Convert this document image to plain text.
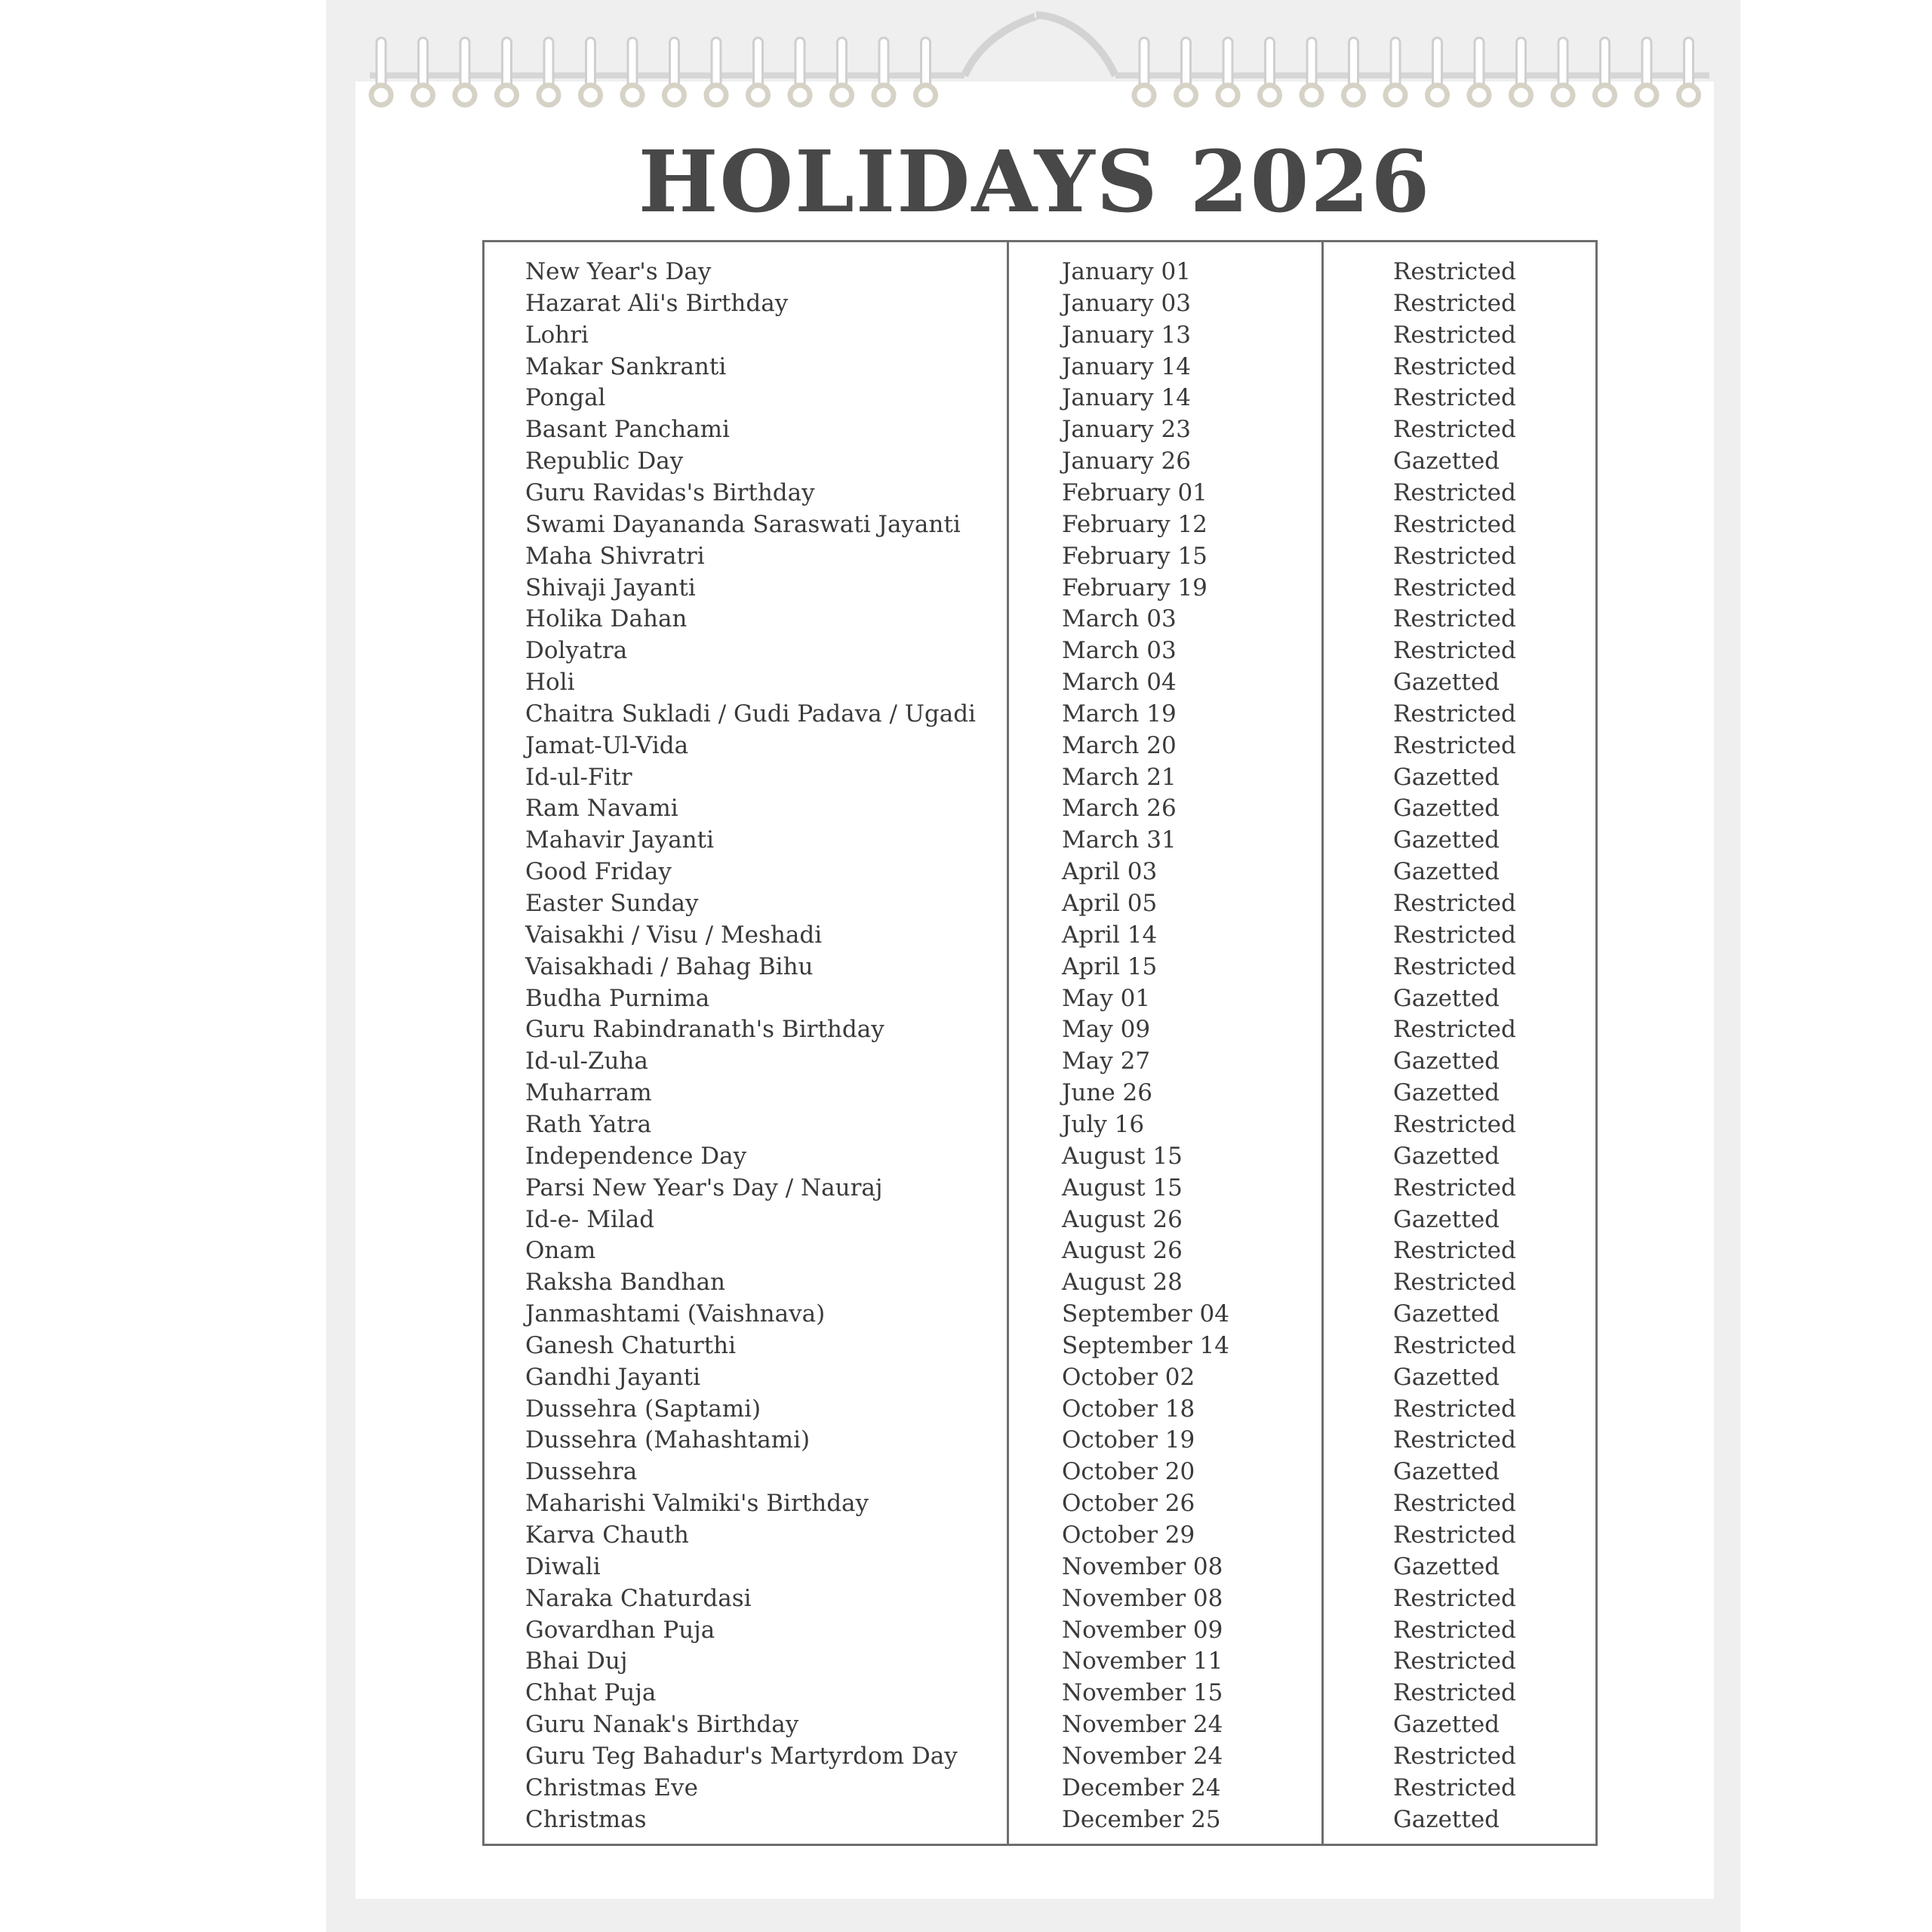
HOLIDAYS 2026
New Year's Day	January 01	Restricted
Hazarat Ali's Birthday	January 03	Restricted
Lohri	January 13	Restricted
Makar Sankranti	January 14	Restricted
Pongal	January 14	Restricted
Basant Panchami	January 23	Restricted
Republic Day	January 26	Gazetted
Guru Ravidas's Birthday	February 01	Restricted
Swami Dayananda Saraswati Jayanti	February 12	Restricted
Maha Shivratri	February 15	Restricted
Shivaji Jayanti	February 19	Restricted
Holika Dahan	March 03	Restricted
Dolyatra	March 03	Restricted
Holi	March 04	Gazetted
Chaitra Sukladi / Gudi Padava / Ugadi	March 19	Restricted
Jamat-Ul-Vida	March 20	Restricted
Id-ul-Fitr	March 21	Gazetted
Ram Navami	March 26	Gazetted
Mahavir Jayanti	March 31	Gazetted
Good Friday	April 03	Gazetted
Easter Sunday	April 05	Restricted
Vaisakhi / Visu / Meshadi	April 14	Restricted
Vaisakhadi / Bahag Bihu	April 15	Restricted
Budha Purnima	May 01	Gazetted
Guru Rabindranath's Birthday	May 09	Restricted
Id-ul-Zuha	May 27	Gazetted
Muharram	June 26	Gazetted
Rath Yatra	July 16	Restricted
Independence Day	August 15	Gazetted
Parsi New Year's Day / Nauraj	August 15	Restricted
Id-e- Milad	August 26	Gazetted
Onam	August 26	Restricted
Raksha Bandhan	August 28	Restricted
Janmashtami (Vaishnava)	September 04	Gazetted
Ganesh Chaturthi	September 14	Restricted
Gandhi Jayanti	October 02	Gazetted
Dussehra (Saptami)	October 18	Restricted
Dussehra (Mahashtami)	October 19	Restricted
Dussehra	October 20	Gazetted
Maharishi Valmiki's Birthday	October 26	Restricted
Karva Chauth	October 29	Restricted
Diwali	November 08	Gazetted
Naraka Chaturdasi	November 08	Restricted
Govardhan Puja	November 09	Restricted
Bhai Duj	November 11	Restricted
Chhat Puja	November 15	Restricted
Guru Nanak's Birthday	November 24	Gazetted
Guru Teg Bahadur's Martyrdom Day	November 24	Restricted
Christmas Eve	December 24	Restricted
Christmas	December 25	Gazetted
